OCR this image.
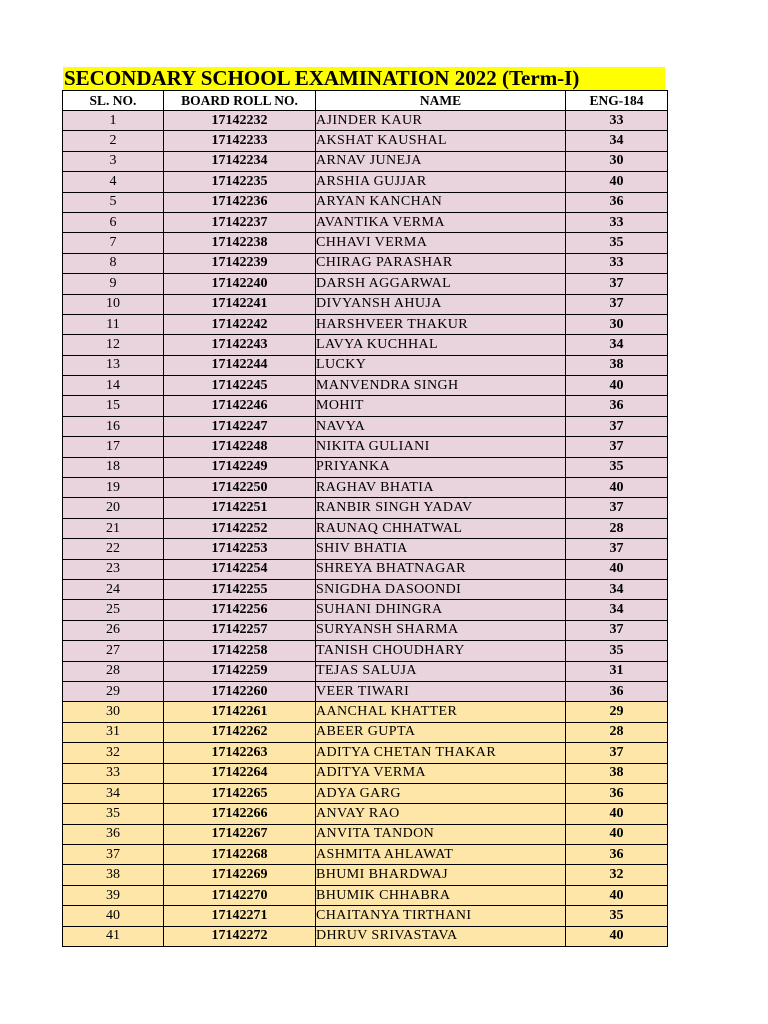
SECONDARY SCHOOL EXAMINATION 2022 (Term-I)
SL. NO.	BOARD ROLL NO.	NAME	ENG-184
1	17142232	AJINDER KAUR	33
2	17142233	AKSHAT KAUSHAL	34
3	17142234	ARNAV JUNEJA	30
4	17142235	ARSHIA GUJJAR	40
5	17142236	ARYAN KANCHAN	36
6	17142237	AVANTIKA VERMA	33
7	17142238	CHHAVI VERMA	35
8	17142239	CHIRAG PARASHAR	33
9	17142240	DARSH AGGARWAL	37
10	17142241	DIVYANSH AHUJA	37
11	17142242	HARSHVEER THAKUR	30
12	17142243	LAVYA KUCHHAL	34
13	17142244	LUCKY	38
14	17142245	MANVENDRA SINGH	40
15	17142246	MOHIT	36
16	17142247	NAVYA	37
17	17142248	NIKITA GULIANI	37
18	17142249	PRIYANKA	35
19	17142250	RAGHAV BHATIA	40
20	17142251	RANBIR SINGH YADAV	37
21	17142252	RAUNAQ CHHATWAL	28
22	17142253	SHIV BHATIA	37
23	17142254	SHREYA BHATNAGAR	40
24	17142255	SNIGDHA DASOONDI	34
25	17142256	SUHANI DHINGRA	34
26	17142257	SURYANSH SHARMA	37
27	17142258	TANISH CHOUDHARY	35
28	17142259	TEJAS SALUJA	31
29	17142260	VEER TIWARI	36
30	17142261	AANCHAL KHATTER	29
31	17142262	ABEER GUPTA	28
32	17142263	ADITYA CHETAN THAKAR	37
33	17142264	ADITYA VERMA	38
34	17142265	ADYA GARG	36
35	17142266	ANVAY RAO	40
36	17142267	ANVITA TANDON	40
37	17142268	ASHMITA AHLAWAT	36
38	17142269	BHUMI BHARDWAJ	32
39	17142270	BHUMIK CHHABRA	40
40	17142271	CHAITANYA TIRTHANI	35
41	17142272	DHRUV SRIVASTAVA	40
